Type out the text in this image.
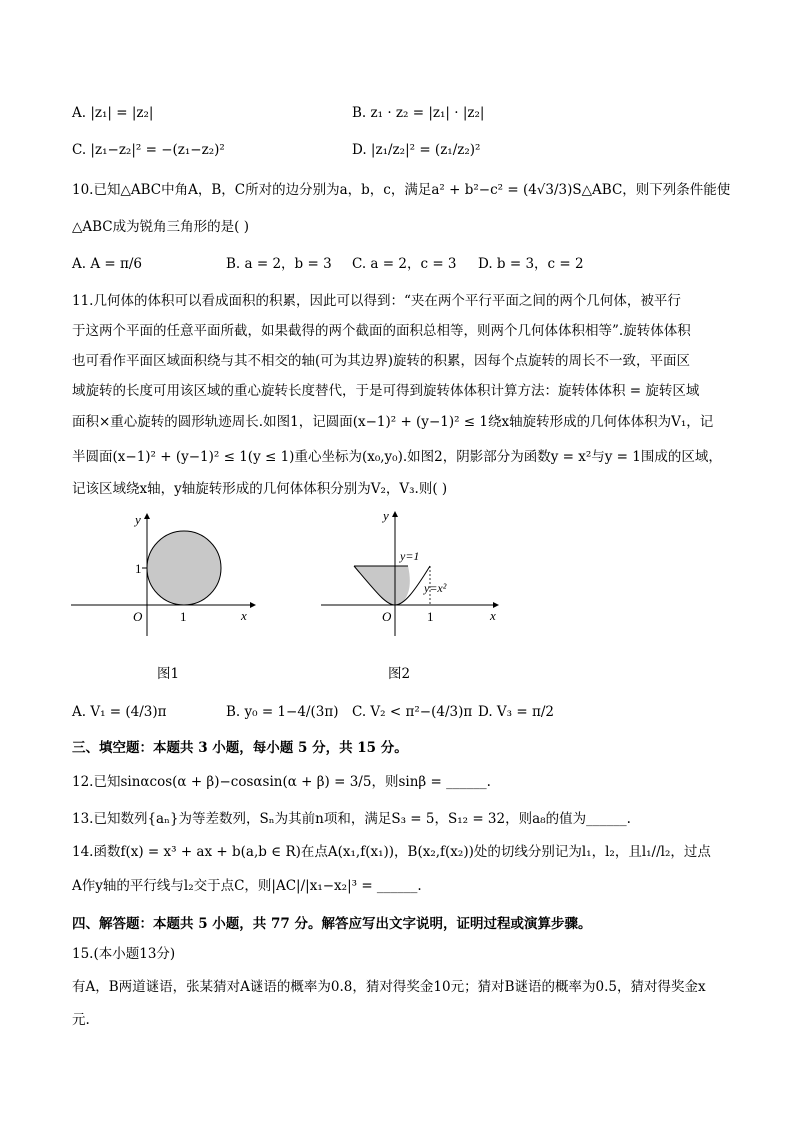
A. |z₁| = |z₂|	B. z₁ · z₂ = |z₁| · |z₂|
C. |z₁−z₂|² = −(z₁−z₂)²	D. |z₁/z₂|² = (z₁/z₂)²
10.已知△ABC中角A，B，C所对的边分别为a，b，c，满足a² + b²−c² = (4√3/3)S△ABC，则下列条件能使
△ABC成为锐角三角形的是( )
A. A = π/6	B. a = 2，b = 3 C. a = 2，c = 3 D. b = 3，c = 2
11.几何体的体积可以看成面积的积累，因此可以得到：“夹在两个平行平面之间的两个几何体，被平行
于这两个平面的任意平面所截，如果截得的两个截面的面积总相等，则两个几何体体积相等”.旋转体体积
也可看作平面区域面积绕与其不相交的轴(可为其边界)旋转的积累，因每个点旋转的周长不一致，平面区
域旋转的长度可用该区域的重心旋转长度替代，于是可得到旋转体体积计算方法：旋转体体积 = 旋转区域
面积×重心旋转的圆形轨迹周长.如图1，记圆面(x−1)² + (y−1)² ≤ 1绕x轴旋转形成的几何体体积为V₁，记
半圆面(x−1)² + (y−1)² ≤ 1(y ≤ 1)重心坐标为(x₀,y₀).如图2，阴影部分为函数y = x²与y = 1围成的区域，
记该区域绕x轴，y轴旋转形成的几何体体积分别为V₂，V₃.则( )
y
x
O	1
1
图1
y
x
O	1
y=1
y=x²
图2
A. V₁ = (4/3)π	B. y₀ = 1−4/(3π) C. V₂ < π²−(4/3)π D. V₃ = π/2
三、填空题：本题共 3 小题，每小题 5 分，共 15 分。
12.已知sinαcos(α + β)−cosαsin(α + β) = 3/5，则sinβ = ______.
13.已知数列{aₙ}为等差数列，Sₙ为其前n项和，满足S₃ = 5，S₁₂ = 32，则a₈的值为______.
14.函数f(x) = x³ + ax + b(a,b ∈ R)在点A(x₁,f(x₁))，B(x₂,f(x₂))处的切线分别记为l₁，l₂，且l₁//l₂，过点
A作y轴的平行线与l₂交于点C，则|AC|/|x₁−x₂|³ = ______.
四、解答题：本题共 5 小题，共 77 分。解答应写出文字说明，证明过程或演算步骤。
15.(本小题13分)
有A，B两道谜语，张某猜对A谜语的概率为0.8，猜对得奖金10元；猜对B谜语的概率为0.5，猜对得奖金x
元.
